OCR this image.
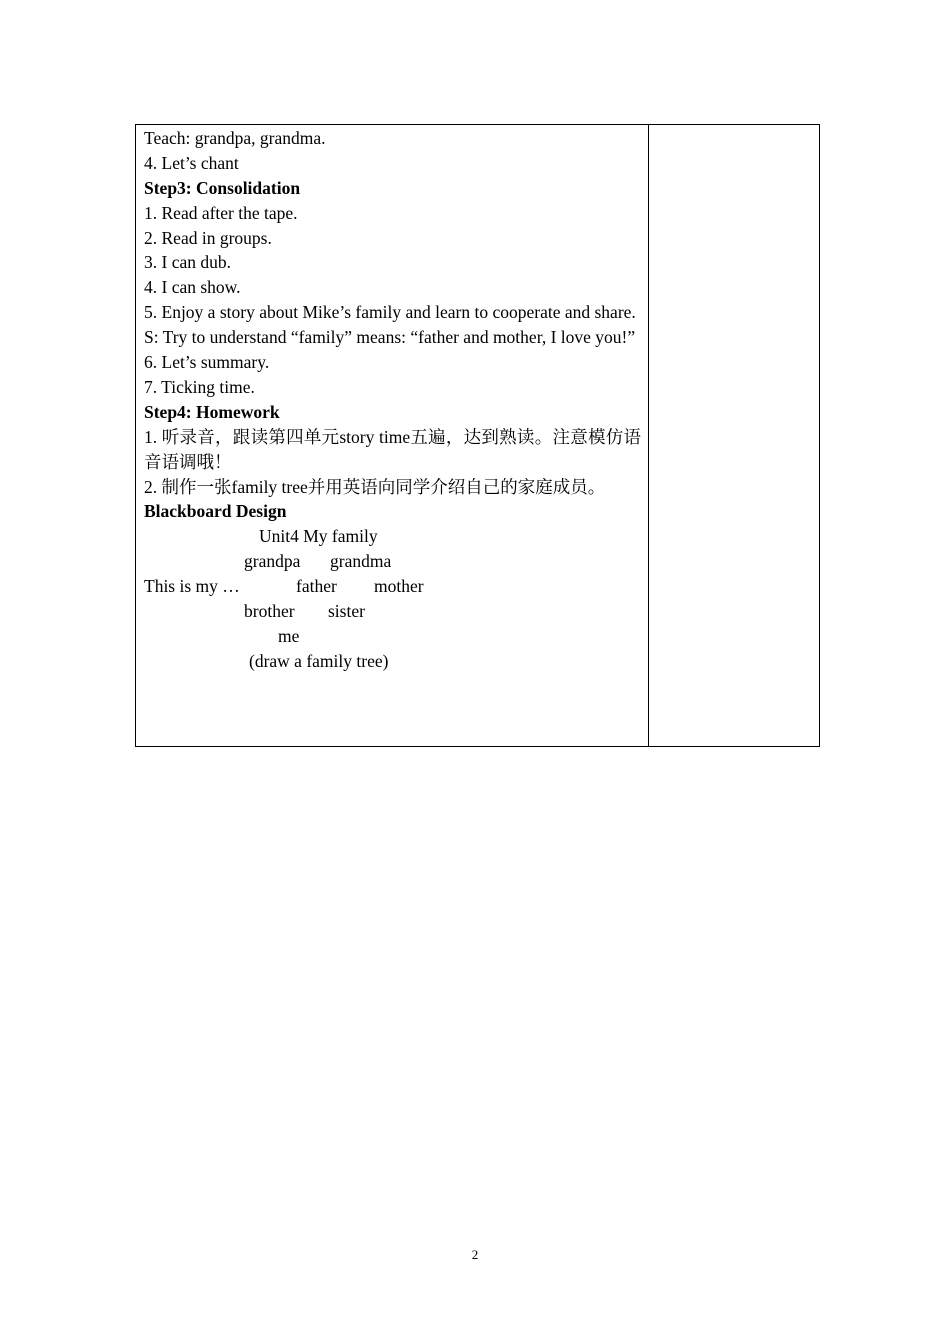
Teach: grandpa, grandma.
4. Let’s chant
Step3: Consolidation
1. Read after the tape.
2. Read in groups.
3. I can dub.
4. I can show.
5. Enjoy a story about Mike’s family and learn to cooperate and share.
S: Try to understand “family” means: “father and mother, I love you!”
6. Let’s summary.
7. Ticking time.
Step4: Homework
1. 听录音，跟读第四单元story time五遍，达到熟读。注意模仿语音语调哦！
2. 制作一张family tree并用英语向同学介绍自己的家庭成员。
Blackboard Design
Unit4 My family
grandpa grandma
This is my …	father mother
brother sister
me
(draw a family tree)
2
